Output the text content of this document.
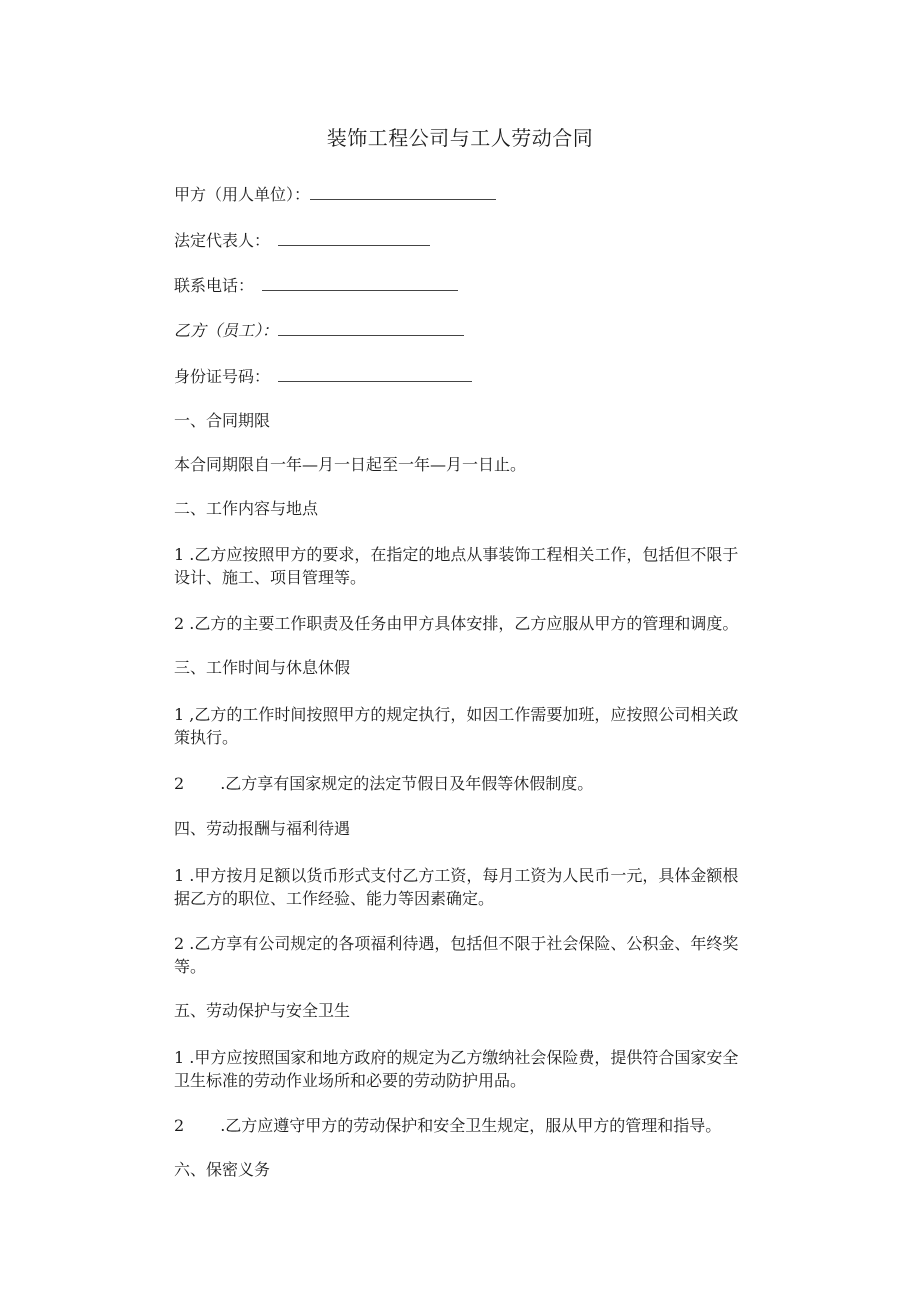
装饰工程公司与工人劳动合同
甲方（用人单位）：
法定代表人：
联系电话：
乙方（员工）：
身份证号码：
一、合同期限
本合同期限自一年—月一日起至一年—月一日止。
二、工作内容与地点
1 .乙方应按照甲方的要求，在指定的地点从事装饰工程相关工作，包括但不限于
设计、施工、项目管理等。
2 .乙方的主要工作职责及任务由甲方具体安排，乙方应服从甲方的管理和调度。
三、工作时间与休息休假
1 ,乙方的工作时间按照甲方的规定执行，如因工作需要加班，应按照公司相关政
策执行。
2 .乙方享有国家规定的法定节假日及年假等休假制度。
四、劳动报酬与福利待遇
1 .甲方按月足额以货币形式支付乙方工资，每月工资为人民币一元，具体金额根
据乙方的职位、工作经验、能力等因素确定。
2 .乙方享有公司规定的各项福利待遇，包括但不限于社会保险、公积金、年终奖
等。
五、劳动保护与安全卫生
1 .甲方应按照国家和地方政府的规定为乙方缴纳社会保险费，提供符合国家安全
卫生标准的劳动作业场所和必要的劳动防护用品。
2 .乙方应遵守甲方的劳动保护和安全卫生规定，服从甲方的管理和指导。
六、保密义务
